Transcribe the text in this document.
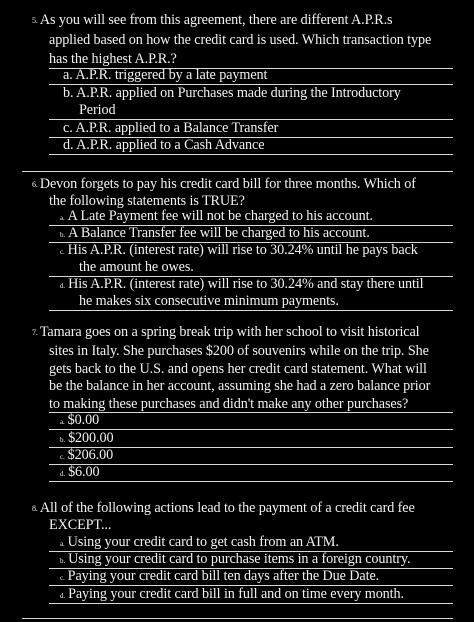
5. As you will see from this agreement, there are different A.P.R.s
applied based on how the credit card is used. Which transaction type
has the highest A.P.R.?
a. A.P.R. triggered by a late payment
b. A.P.R. applied on Purchases made during the Introductory
Period
c. A.P.R. applied to a Balance Transfer
d. A.P.R. applied to a Cash Advance
6. Devon forgets to pay his credit card bill for three months. Which of
the following statements is TRUE?
a. A Late Payment fee will not be charged to his account.
b. A Balance Transfer fee will be charged to his account.
c. His A.P.R. (interest rate) will rise to 30.24% until he pays back
the amount he owes.
d. His A.P.R. (interest rate) will rise to 30.24% and stay there until
he makes six consecutive minimum payments.
7. Tamara goes on a spring break trip with her school to visit historical
sites in Italy. She purchases $200 of souvenirs while on the trip. She
gets back to the U.S. and opens her credit card statement. What will
be the balance in her account, assuming she had a zero balance prior
to making these purchases and didn't make any other purchases?
a. $0.00
b. $200.00
c. $206.00
d. $6.00
8. All of the following actions lead to the payment of a credit card fee
EXCEPT...
a. Using your credit card to get cash from an ATM.
b. Using your credit card to purchase items in a foreign country.
c. Paying your credit card bill ten days after the Due Date.
d. Paying your credit card bill in full and on time every month.
